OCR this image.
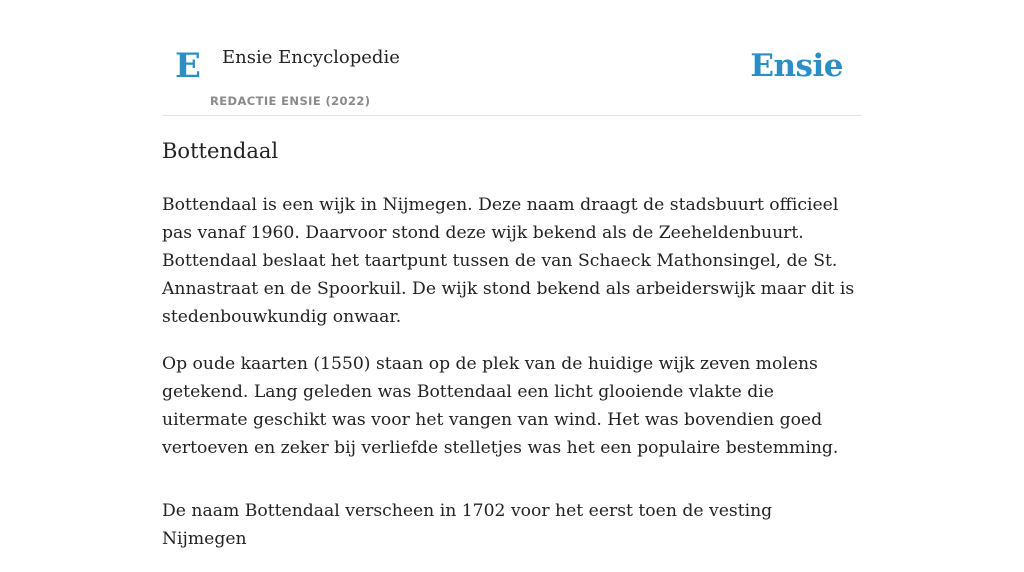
E Ensie Encyclopedie
REDACTIE ENSIE (2022)
Ensie
Bottendaal

Bottendaal is een wijk in Nijmegen. Deze naam draagt de stadsbuurt officieel pas vanaf 1960. Daarvoor stond deze wijk bekend als de Zeeheldenbuurt. Bottendaal beslaat het taartpunt tussen de van Schaeck Mathonsingel, de St. Annastraat en de Spoorkuil. De wijk stond bekend als arbeiderswijk maar dit is stedenbouwkundig onwaar.

Op oude kaarten (1550) staan op de plek van de huidige wijk zeven molens getekend. Lang geleden was Bottendaal een licht glooiende vlakte die uitermate geschikt was voor het vangen van wind. Het was bovendien goed vertoeven en zeker bij verliefde stelletjes was het een populaire bestemming.

De naam Bottendaal verscheen in 1702 voor het eerst toen de vesting Nijmegen
